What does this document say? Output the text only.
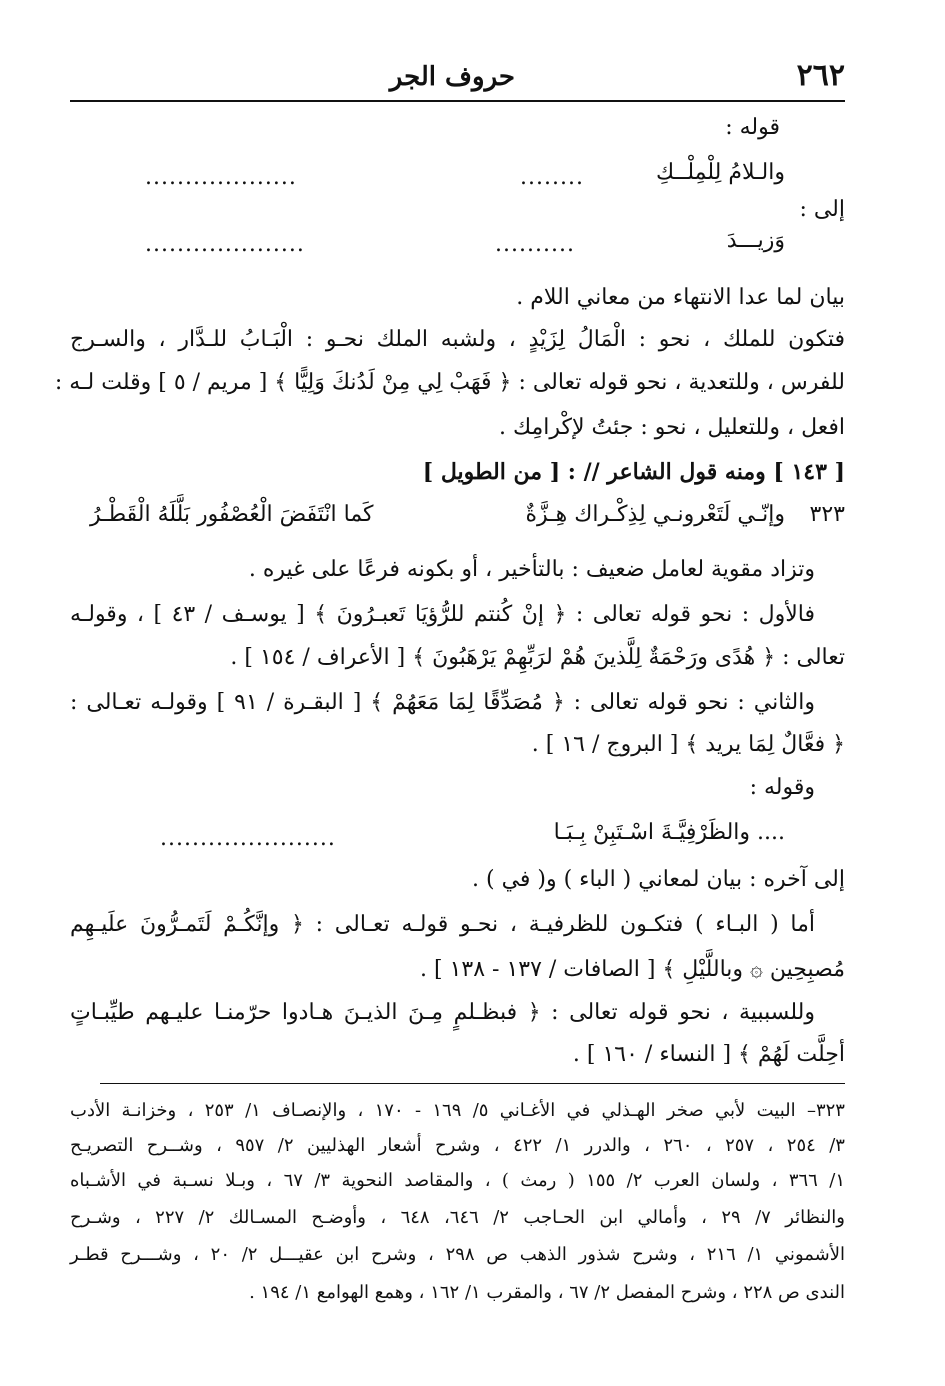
٢٦٢
حروف الجر
قوله :
والـلامُ لِلْمِلْــكِ
........
...................
إلى :
وَزيـــدَ
..........
....................
بيان لما عدا الانتهاء من معاني اللام .
فتكون للملك ، نحو : الْمَالُ لِزَيْدٍ ، ولشبه الملك نحـو : الْبَـابُ للـدَّار ، والسـرج
للفرس ، وللتعدية ، نحو قوله تعالى : ﴿ فَهَبْ لِي مِنْ لَدُنكَ وَلِيًّا ﴾ [ مريم / ٥ ] وقلت لـه :
افعل ، وللتعليل ، نحو : جئتُ لإكْرامِك .
[ ١٤٣ ] ومنه قول الشاعر // : [ من الطويل ]
٣٢٣
وإنّـي لَتَعْرونـي لِذِكْـراك هِـزَّةٌ
كَما انْتَفَضَ الْعُصْفُور بَلَّلَهُ الْقَطْـرُ
وتزاد مقوية لعامل ضعيف : بالتأخير ، أو بكونه فرعًا على غيره .
فالأول : نحو قوله تعالى : ﴿ إنْ كُنتم للرُّؤيَا تَعبـرُونَ ﴾ [ يوسـف / ٤٣ ] ، وقولـه
تعالى : ﴿ هُدًى ورَحْمَةٌ لِلَّذينَ هُمْ لرَبِّهِمْ يَرْهَبُونَ ﴾ [ الأعراف / ١٥٤ ] .
والثاني : نحو قوله تعالى : ﴿ مُصَدِّقًا لِمَا مَعَهُمْ ﴾ [ البقـرة / ٩١ ] وقولـه تعـالى :
﴿ فعَّالٌ لِمَا يريد ﴾ [ البروج / ١٦ ] .
وقوله :
.... والظَرْفِيَّـةَ اسْـتَبِنْ بِـبَـا
......................
إلى آخره : بيان لمعاني ( الباء ) و( في ) .
أما ( البـاء ) فتكـون للظرفيـة ، نحـو قولـه تعـالى : ﴿ وإنَّكُـمْ لَتَمـرُّونَ علَيـهِم
مُصبِحِين ۞ وباللَّيْلِ ﴾ [ الصافات / ١٣٧ - ١٣٨ ] .
وللسببية ، نحو قوله تعالى : ﴿ فبظـلمٍ مِـنَ الذيـنَ هـادوا حرّمنـا عليـهم طيِّبـاتٍ
أحِلَّت لَهُمْ ﴾ [ النساء / ١٦٠ ] .
٣٢٣– البيت لأبي صخر الهـذلي في الأغـاني ٥/ ١٦٩ - ١٧٠ ، والإنصـاف ١/ ٢٥٣ ، وخزانـة الأدب
٣/ ٢٥٤ ، ٢٥٧ ، ٢٦٠ ، والدرر ١/ ٤٢٢ ، وشرح أشعار الهذليين ٢/ ٩٥٧ ، وشــرح التصريـح
١/ ٣٦٦ ، ولسان العرب ٢/ ١٥٥ ( رمث ) ، والمقاصد النحوية ٣/ ٦٧ ، وبـلا نسـبة في الأشـباه
والنظائر ٧/ ٢٩ ، وأمالي ابن الحـاجب ٢/ ٦٤٦، ٦٤٨ ، وأوضـح المسـالك ٢/ ٢٢٧ ، وشـرح
الأشموني ١/ ٢١٦ ، وشرح شذور الذهب ص ٢٩٨ ، وشرح ابن عقيـــل ٢/ ٢٠ ، وشـــرح قطـر
الندى ص ٢٢٨ ، وشرح المفصل ٢/ ٦٧ ، والمقرب ١/ ١٦٢ ، وهمع الهوامع ١/ ١٩٤ .
